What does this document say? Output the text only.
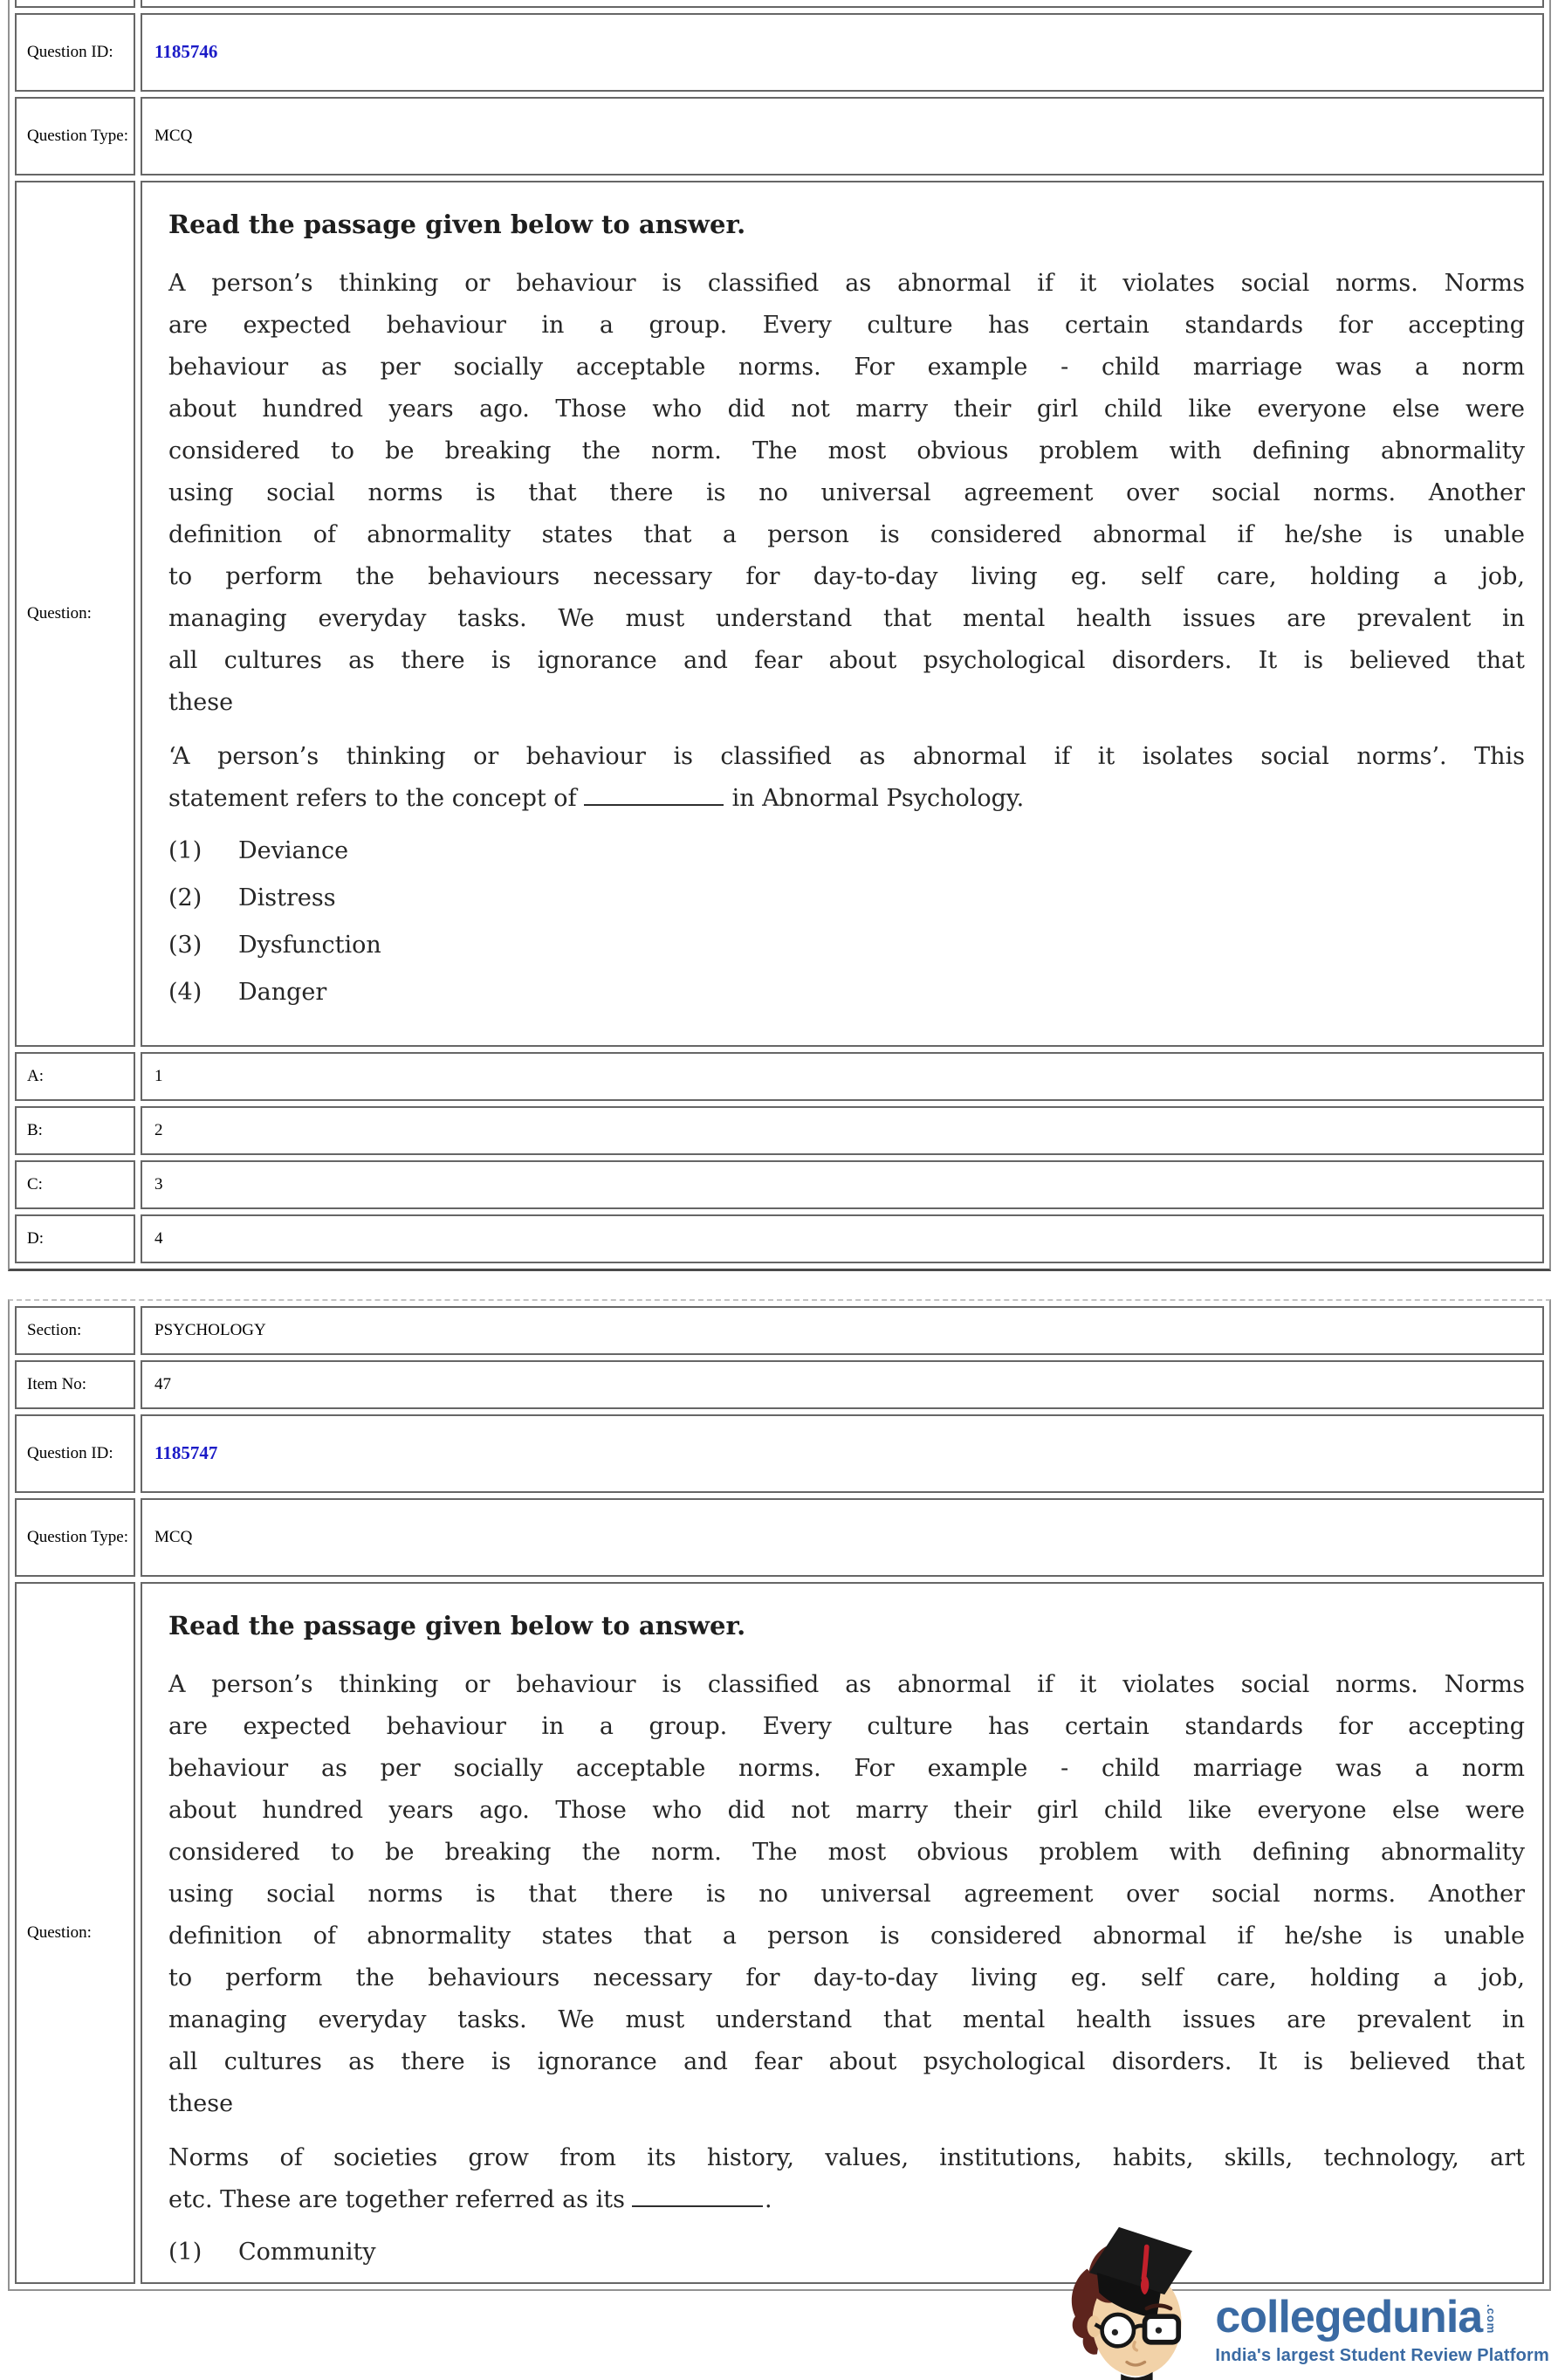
Question ID:	1185746
Question Type:	MCQ
Question:	
Read the passage given below to answer.
A person’s thinking or behaviour is classified as abnormal if it violates social norms. Norms
are expected behaviour in a group. Every culture has certain standards for accepting
behaviour as per socially acceptable norms. For example - child marriage was a norm
about hundred years ago. Those who did not marry their girl child like everyone else were
considered to be breaking the norm. The most obvious problem with defining abnormality
using social norms is that there is no universal agreement over social norms. Another
definition of abnormality states that a person is considered abnormal if he/she is unable
to perform the behaviours necessary for day-to-day living eg. self care, holding a job,
managing everyday tasks. We must understand that mental health issues are prevalent in
all cultures as there is ignorance and fear about psychological disorders. It is believed that
these
‘A person’s thinking or behaviour is classified as abnormal if it isolates social norms’. This
statement refers to the concept of	in Abnormal Psychology.
(1)	Deviance
(2)	Distress
(3)	Dysfunction
(4)	Danger

A:	1
B:	2
C:	3
D:	4
Section:	PSYCHOLOGY
Item No:	47
Question ID:	1185747
Question Type:	MCQ
Question:	
Read the passage given below to answer.
A person’s thinking or behaviour is classified as abnormal if it violates social norms. Norms
are expected behaviour in a group. Every culture has certain standards for accepting
behaviour as per socially acceptable norms. For example - child marriage was a norm
about hundred years ago. Those who did not marry their girl child like everyone else were
considered to be breaking the norm. The most obvious problem with defining abnormality
using social norms is that there is no universal agreement over social norms. Another
definition of abnormality states that a person is considered abnormal if he/she is unable
to perform the behaviours necessary for day-to-day living eg. self care, holding a job,
managing everyday tasks. We must understand that mental health issues are prevalent in
all cultures as there is ignorance and fear about psychological disorders. It is believed that
these
Norms of societies grow from its history, values, institutions, habits, skills, technology, art
etc. These are together referred as its	.
(1)	Community
collegedunia .com
India's largest Student Review Platform
